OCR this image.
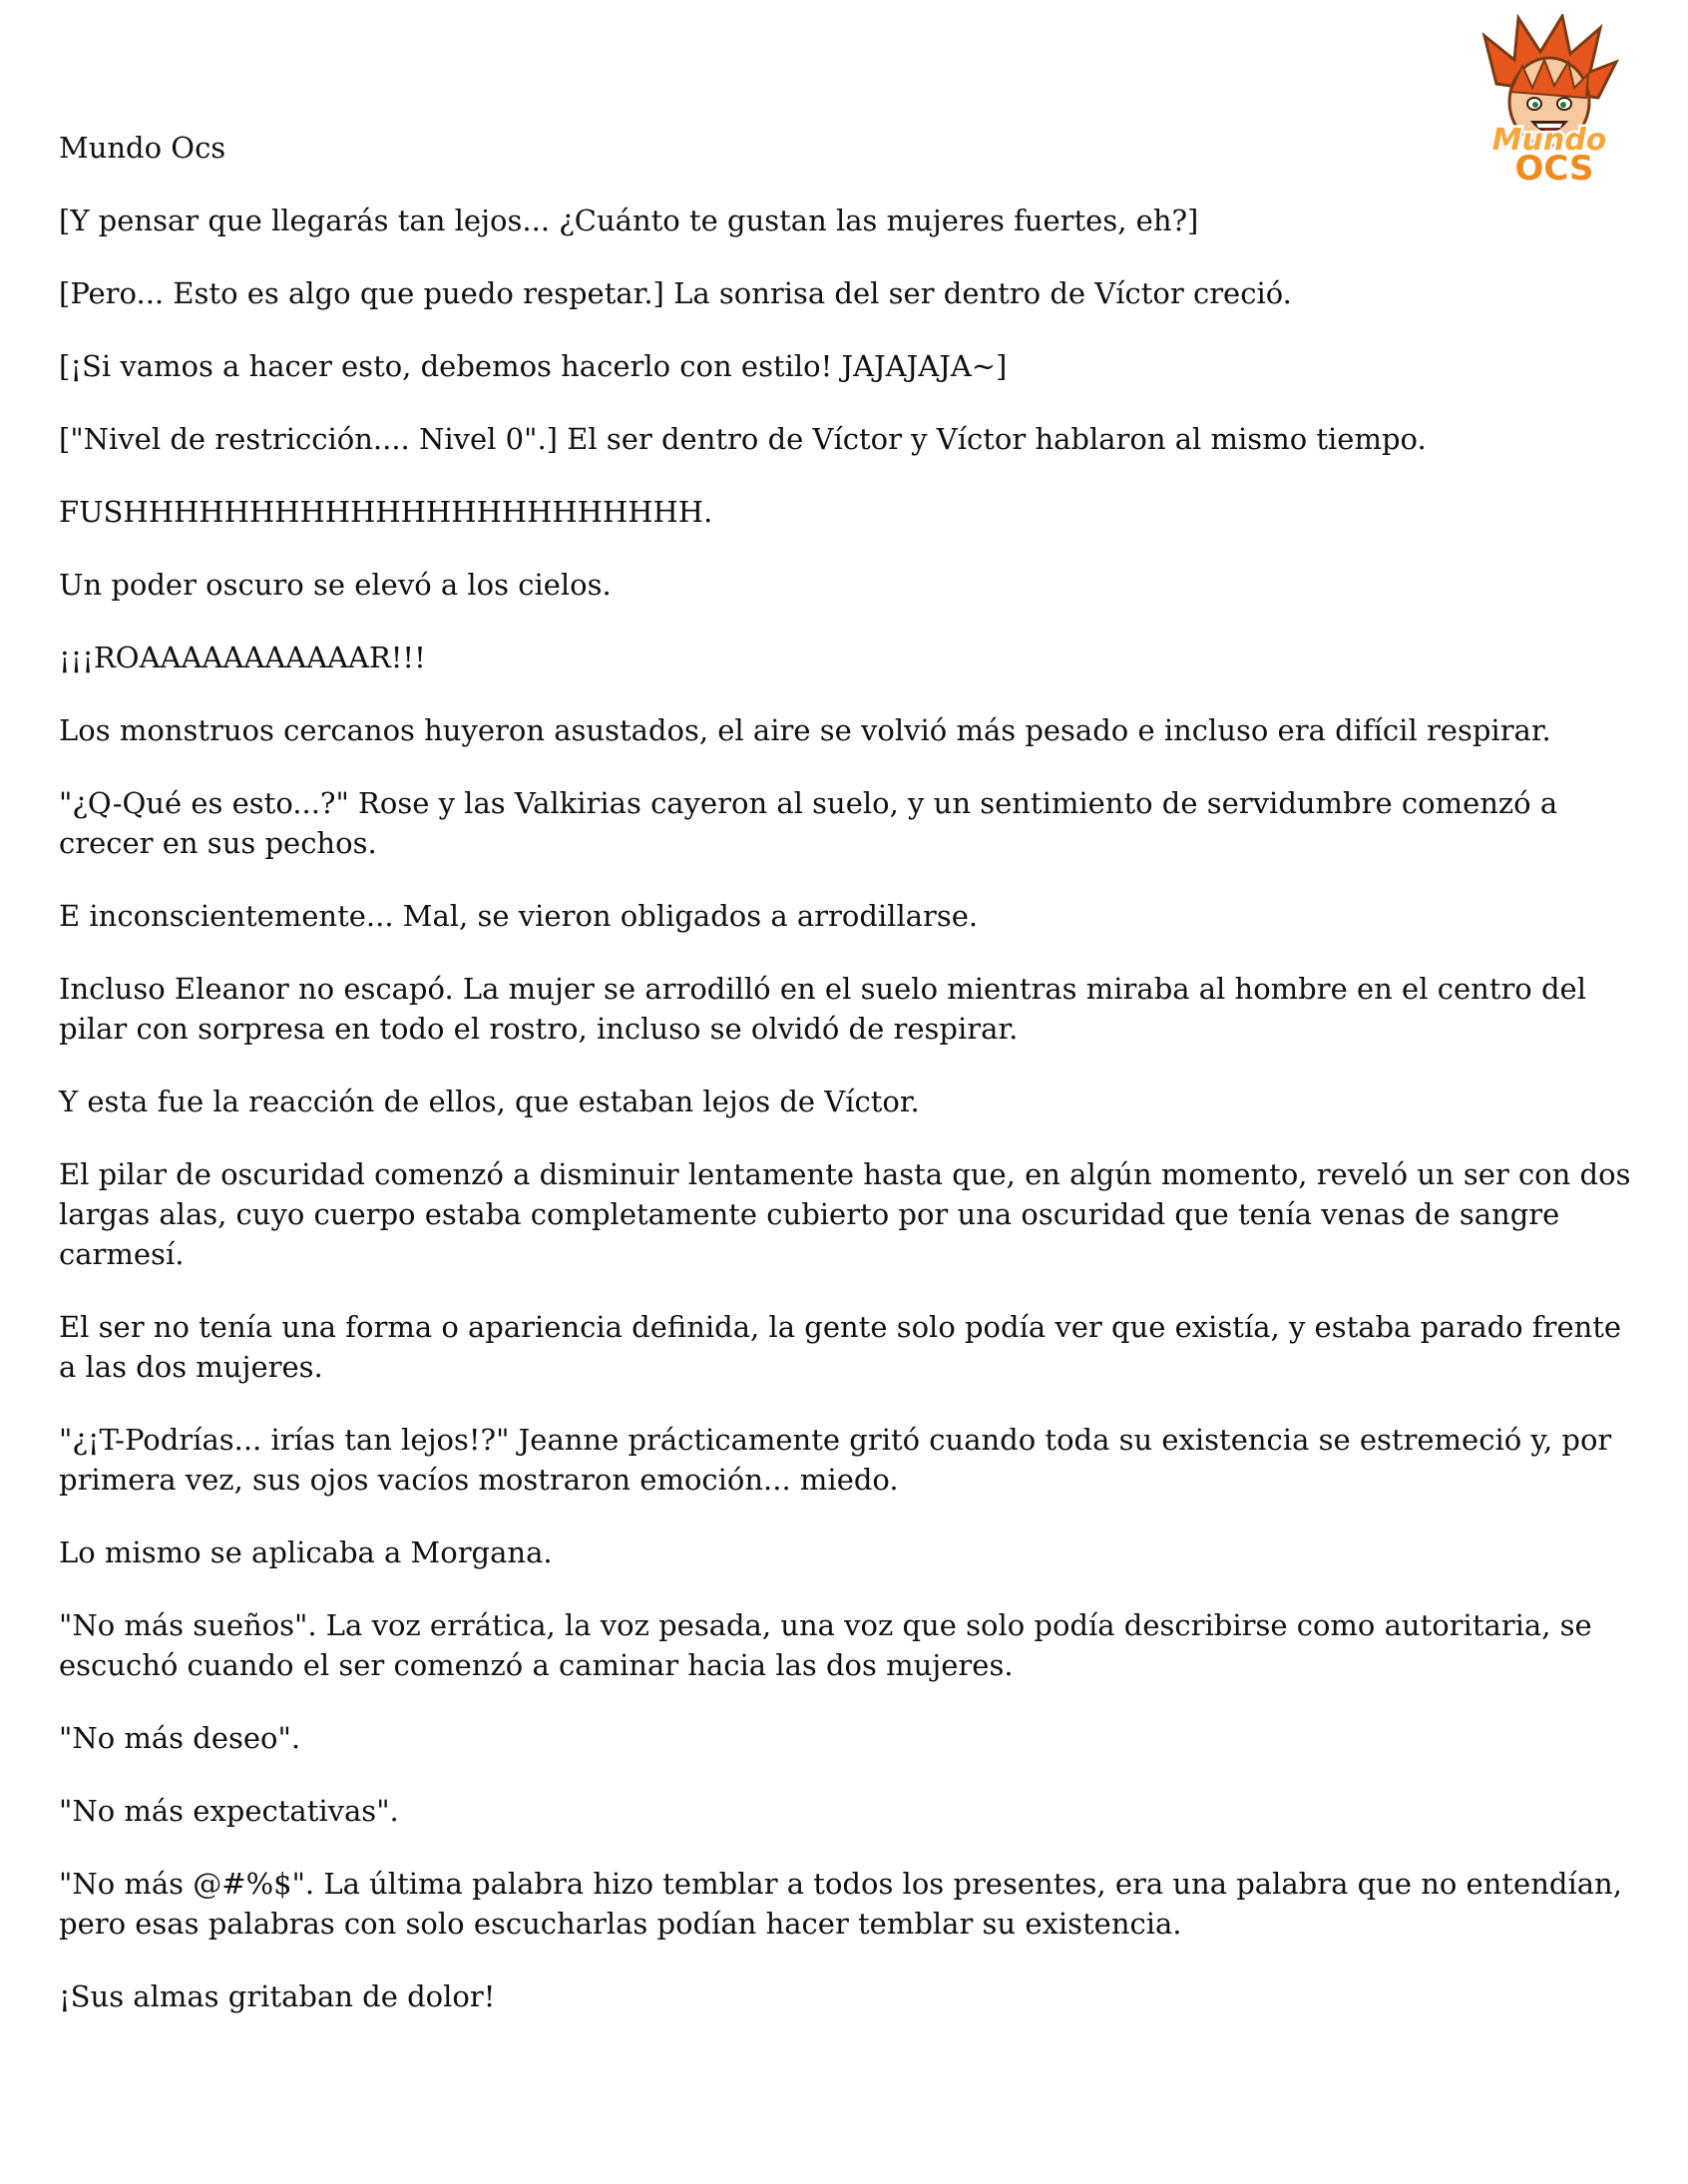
Mundo
OCS

Mundo Ocs

[Y pensar que llegarás tan lejos... ¿Cuánto te gustan las mujeres fuertes, eh?]

[Pero... Esto es algo que puedo respetar.] La sonrisa del ser dentro de Víctor creció.

[¡Si vamos a hacer esto, debemos hacerlo con estilo! JAJAJAJA~]

["Nivel de restricción.... Nivel 0".] El ser dentro de Víctor y Víctor hablaron al mismo tiempo.

FUSHHHHHHHHHHHHHHHHHHHHHHH.

Un poder oscuro se elevó a los cielos.

¡¡¡ROAAAAAAAAAAAR!!!

Los monstruos cercanos huyeron asustados, el aire se volvió más pesado e incluso era difícil respirar.

"¿Q-Qué es esto...?" Rose y las Valkirias cayeron al suelo, y un sentimiento de servidumbre comenzó a crecer en sus pechos.

E inconscientemente... Mal, se vieron obligados a arrodillarse.

Incluso Eleanor no escapó. La mujer se arrodilló en el suelo mientras miraba al hombre en el centro del pilar con sorpresa en todo el rostro, incluso se olvidó de respirar.

Y esta fue la reacción de ellos, que estaban lejos de Víctor.

El pilar de oscuridad comenzó a disminuir lentamente hasta que, en algún momento, reveló un ser con dos largas alas, cuyo cuerpo estaba completamente cubierto por una oscuridad que tenía venas de sangre carmesí.

El ser no tenía una forma o apariencia definida, la gente solo podía ver que existía, y estaba parado frente a las dos mujeres.

"¿¡T-Podrías... irías tan lejos!?" Jeanne prácticamente gritó cuando toda su existencia se estremeció y, por primera vez, sus ojos vacíos mostraron emoción... miedo.

Lo mismo se aplicaba a Morgana.

"No más sueños". La voz errática, la voz pesada, una voz que solo podía describirse como autoritaria, se escuchó cuando el ser comenzó a caminar hacia las dos mujeres.

"No más deseo".

"No más expectativas".

"No más @#%$". La última palabra hizo temblar a todos los presentes, era una palabra que no entendían, pero esas palabras con solo escucharlas podían hacer temblar su existencia.

¡Sus almas gritaban de dolor!
